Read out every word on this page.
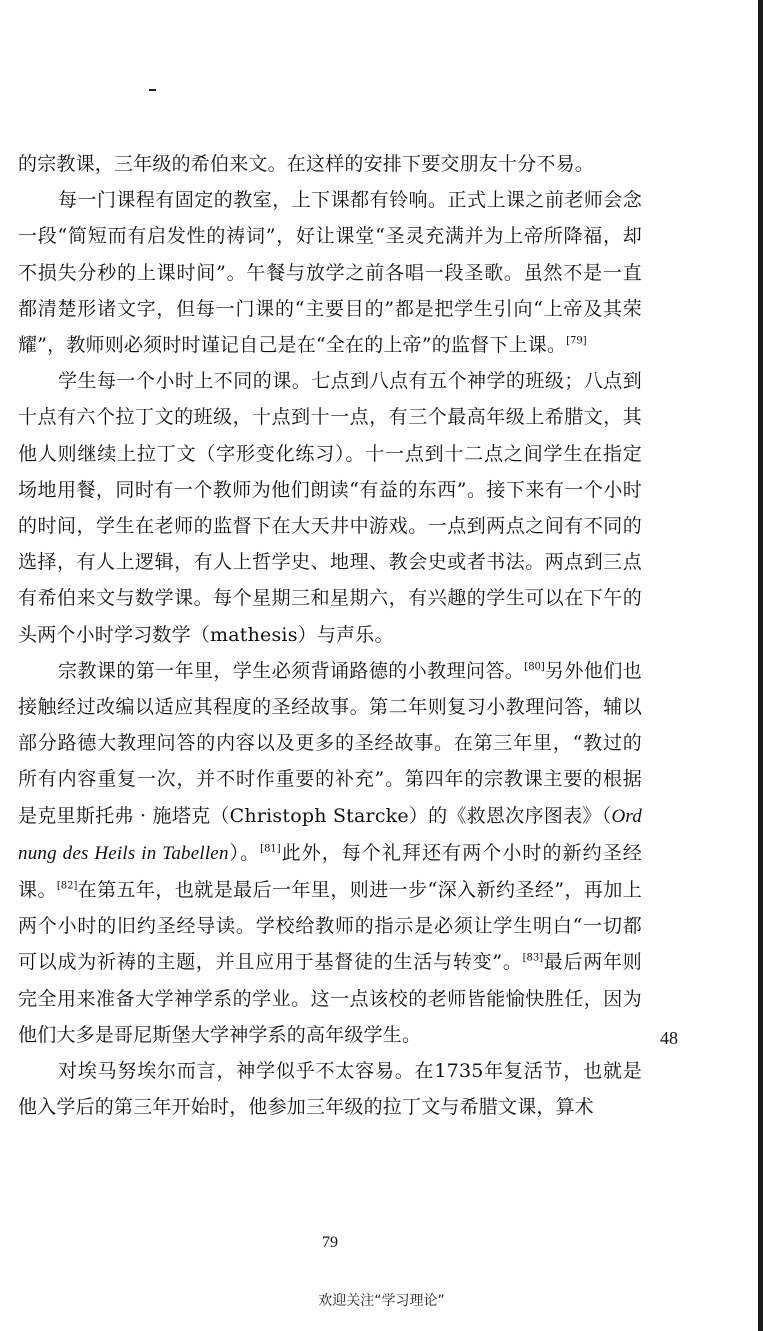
的宗教课，三年级的希伯来文。在这样的安排下要交朋友十分不易。

每一门课程有固定的教室，上下课都有铃响。正式上课之前老师会念一段“简短而有启发性的祷词”，好让课堂“圣灵充满并为上帝所降福，却不损失分秒的上课时间”。午餐与放学之前各唱一段圣歌。虽然不是一直都清楚形诸文字，但每一门课的“主要目的”都是把学生引向“上帝及其荣耀”，教师则必须时时谨记自己是在“全在的上帝”的监督下上课。[79]

学生每一个小时上不同的课。七点到八点有五个神学的班级；八点到十点有六个拉丁文的班级，十点到十一点，有三个最高年级上希腊文，其他人则继续上拉丁文（字形变化练习）。十一点到十二点之间学生在指定场地用餐，同时有一个教师为他们朗读“有益的东西”。接下来有一个小时的时间，学生在老师的监督下在大天井中游戏。一点到两点之间有不同的选择，有人上逻辑，有人上哲学史、地理、教会史或者书法。两点到三点有希伯来文与数学课。每个星期三和星期六，有兴趣的学生可以在下午的头两个小时学习数学（mathesis）与声乐。

宗教课的第一年里，学生必须背诵路德的小教理问答。[80]另外他们也接触经过改编以适应其程度的圣经故事。第二年则复习小教理问答，辅以部分路德大教理问答的内容以及更多的圣经故事。在第三年里，“教过的所有内容重复一次，并不时作重要的补充”。第四年的宗教课主要的根据是克里斯托弗 · 施塔克（Christoph Starcke）的《救恩次序图表》（Ordnung des Heils in Tabellen）。[81]此外，每个礼拜还有两个小时的新约圣经课。[82]在第五年，也就是最后一年里，则进一步“深入新约圣经”，再加上两个小时的旧约圣经导读。学校给教师的指示是必须让学生明白“一切都可以成为祈祷的主题，并且应用于基督徒的生活与转变”。[83]最后两年则完全用来准备大学神学系的学业。这一点该校的老师皆能愉快胜任，因为他们大多是哥尼斯堡大学神学系的高年级学生。

对埃马努埃尔而言，神学似乎不太容易。在1735年复活节，也就是他入学后的第三年开始时，他参加三年级的拉丁文与希腊文课，算术

48
79
欢迎关注“学习理论”
